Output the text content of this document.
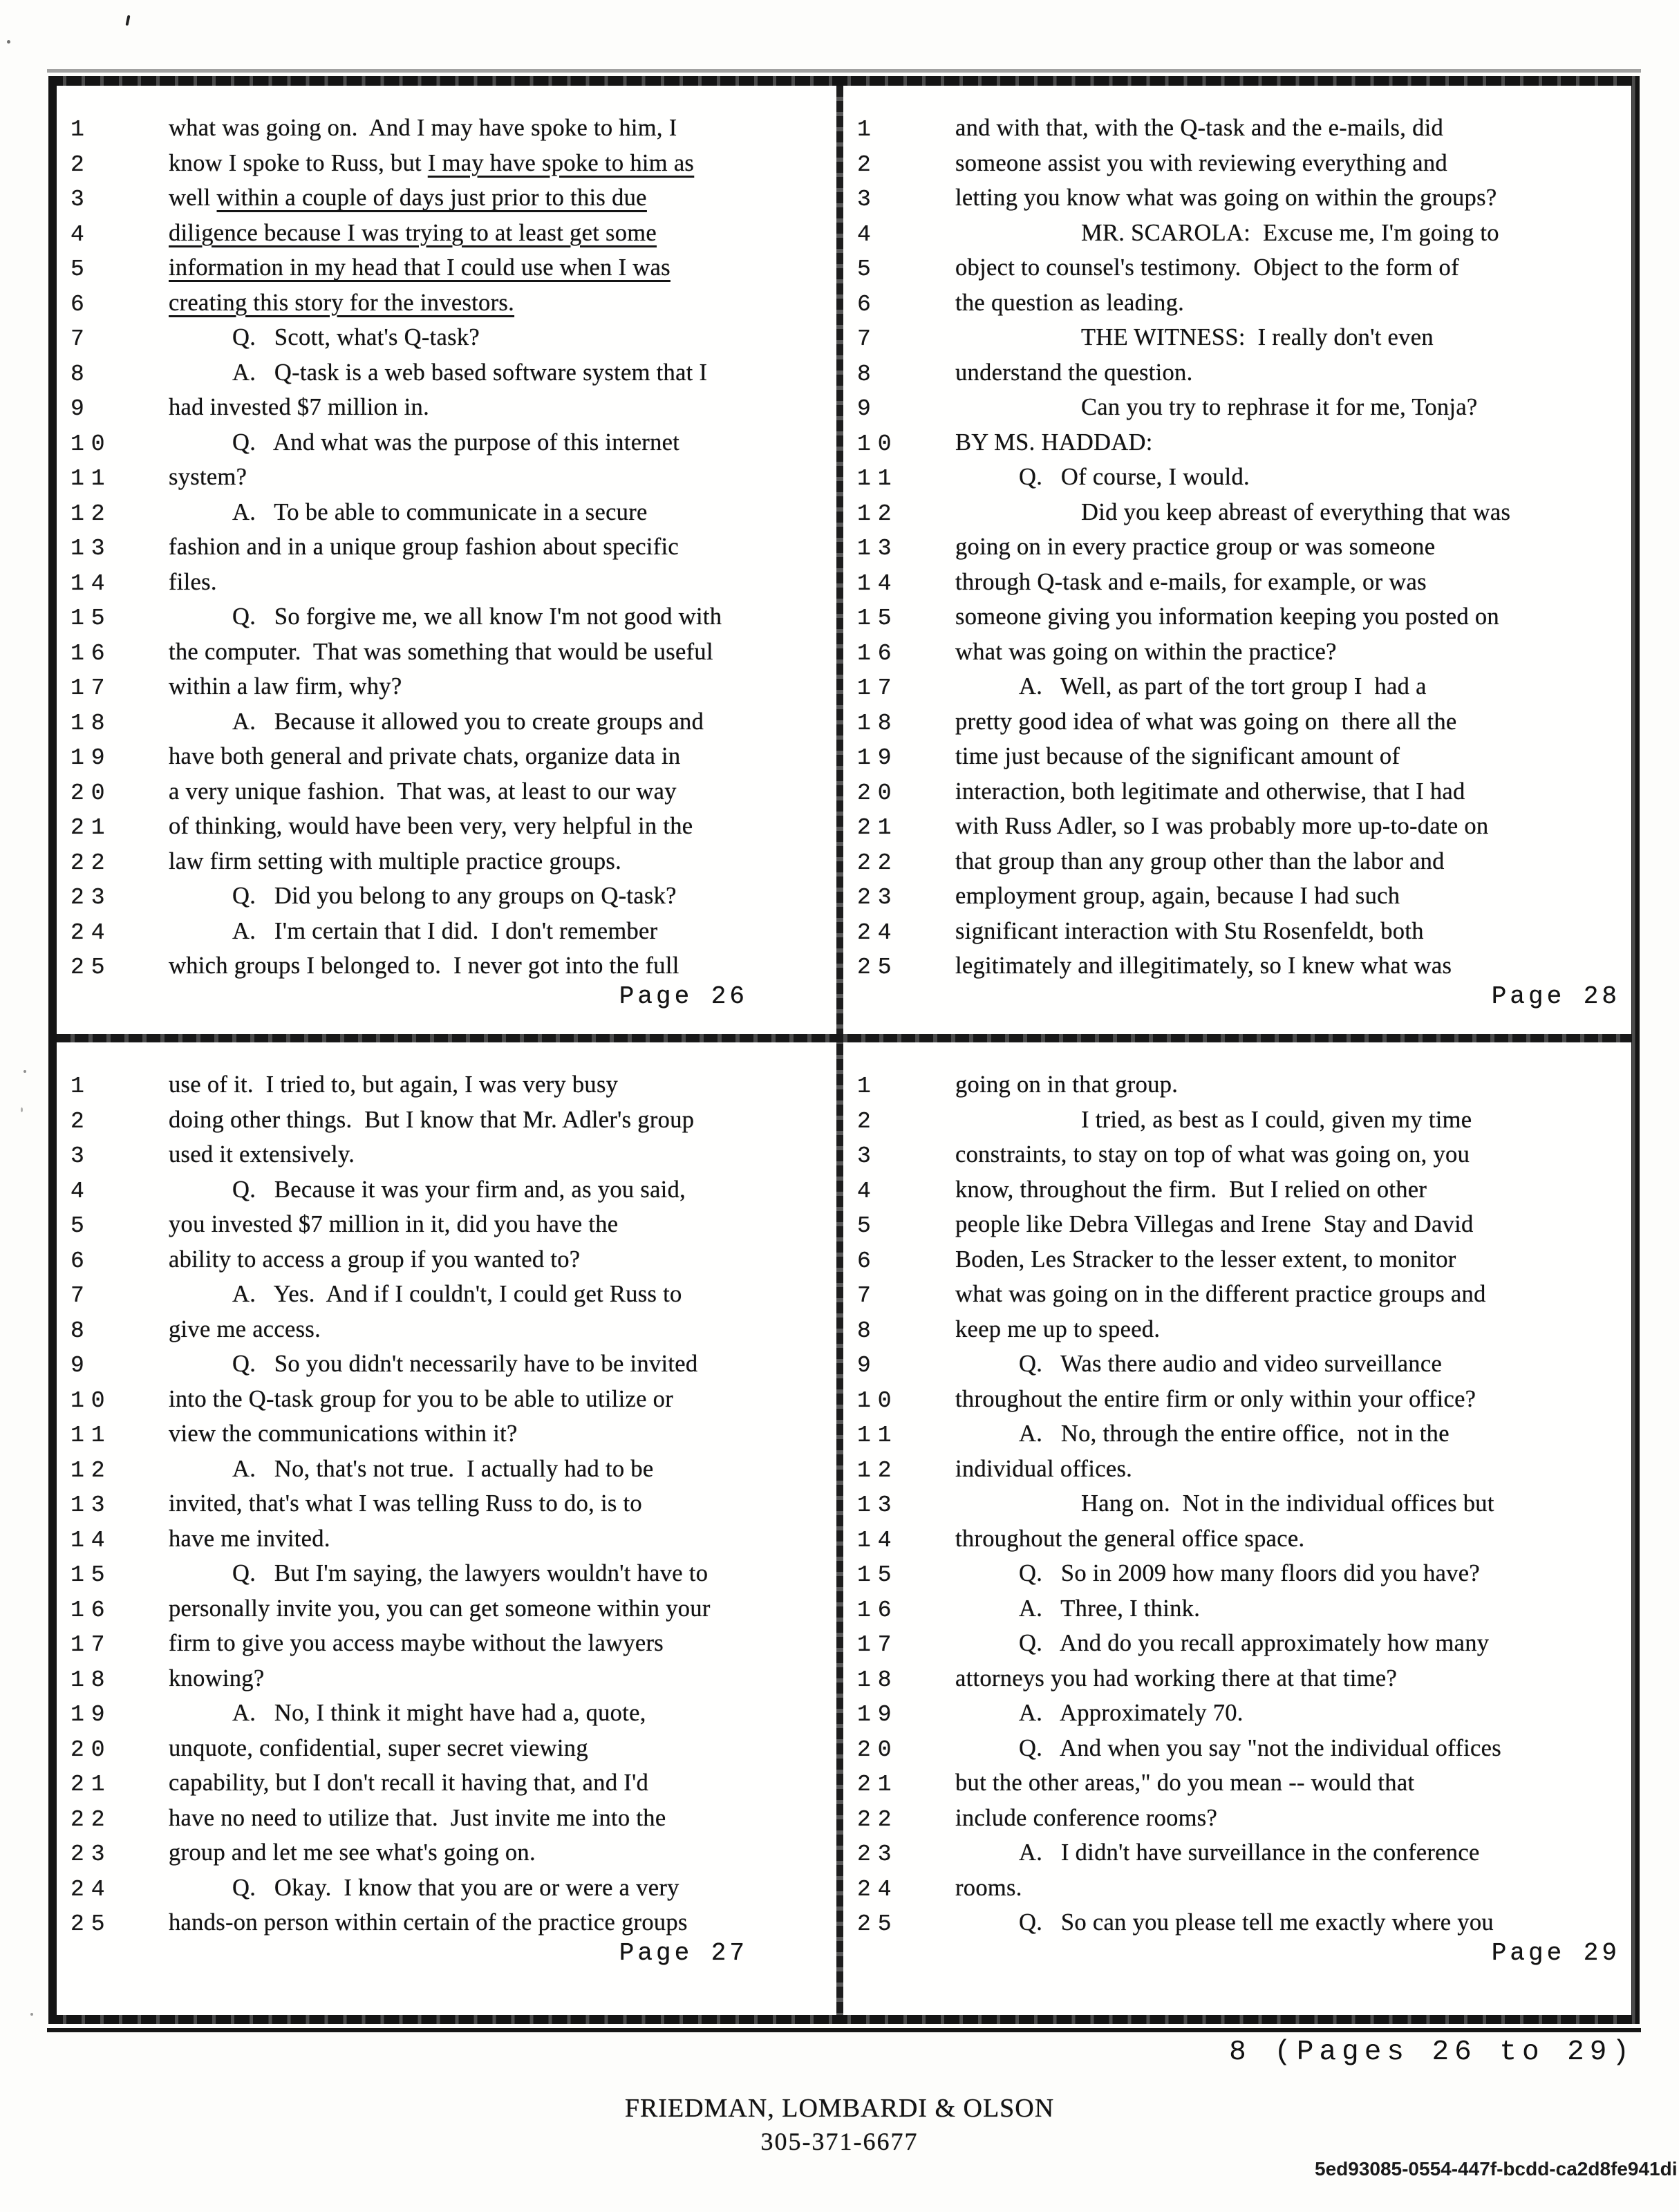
1	what was going on.  And I may have spoke to him, I
2	know I spoke to Russ, but I may have spoke to him as
3	well within a couple of days just prior to this due
4	diligence because I was trying to at least get some
5	information in my head that I could use when I was
6	creating this story for the investors.
7	Q.   Scott, what's Q-task?
8	A.   Q-task is a web based software system that I
9	had invested $7 million in.
10	Q.   And what was the purpose of this internet
11	system?
12	A.   To be able to communicate in a secure
13	fashion and in a unique group fashion about specific
14	files.
15	Q.   So forgive me, we all know I'm not good with
16	the computer.  That was something that would be useful
17	within a law firm, why?
18	A.   Because it allowed you to create groups and
19	have both general and private chats, organize data in
20	a very unique fashion.  That was, at least to our way
21	of thinking, would have been very, very helpful in the
22	law firm setting with multiple practice groups.
23	Q.   Did you belong to any groups on Q-task?
24	A.   I'm certain that I did.  I don't remember
25	which groups I belonged to.  I never got into the full
Page 26
1	and with that, with the Q-task and the e-mails, did
2	someone assist you with reviewing everything and
3	letting you know what was going on within the groups?
4	MR. SCAROLA:  Excuse me, I'm going to
5	object to counsel's testimony.  Object to the form of
6	the question as leading.
7	THE WITNESS:  I really don't even
8	understand the question.
9	Can you try to rephrase it for me, Tonja?
10	BY MS. HADDAD:
11	Q.   Of course, I would.
12	Did you keep abreast of everything that was
13	going on in every practice group or was someone
14	through Q-task and e-mails, for example, or was
15	someone giving you information keeping you posted on
16	what was going on within the practice?
17	A.   Well, as part of the tort group I  had a
18	pretty good idea of what was going on  there all the
19	time just because of the significant amount of
20	interaction, both legitimate and otherwise, that I had
21	with Russ Adler, so I was probably more up-to-date on
22	that group than any group other than the labor and
23	employment group, again, because I had such
24	significant interaction with Stu Rosenfeldt, both
25	legitimately and illegitimately, so I knew what was
Page 28
1	use of it.  I tried to, but again, I was very busy
2	doing other things.  But I know that Mr. Adler's group
3	used it extensively.
4	Q.   Because it was your firm and, as you said,
5	you invested $7 million in it, did you have the
6	ability to access a group if you wanted to?
7	A.   Yes.  And if I couldn't, I could get Russ to
8	give me access.
9	Q.   So you didn't necessarily have to be invited
10	into the Q-task group for you to be able to utilize or
11	view the communications within it?
12	A.   No, that's not true.  I actually had to be
13	invited, that's what I was telling Russ to do, is to
14	have me invited.
15	Q.   But I'm saying, the lawyers wouldn't have to
16	personally invite you, you can get someone within your
17	firm to give you access maybe without the lawyers
18	knowing?
19	A.   No, I think it might have had a, quote,
20	unquote, confidential, super secret viewing
21	capability, but I don't recall it having that, and I'd
22	have no need to utilize that.  Just invite me into the
23	group and let me see what's going on.
24	Q.   Okay.  I know that you are or were a very
25	hands-on person within certain of the practice groups
Page 27
1	going on in that group.
2	I tried, as best as I could, given my time
3	constraints, to stay on top of what was going on, you
4	know, throughout the firm.  But I relied on other
5	people like Debra Villegas and Irene  Stay and David
6	Boden, Les Stracker to the lesser extent, to monitor
7	what was going on in the different practice groups and
8	keep me up to speed.
9	Q.   Was there audio and video surveillance
10	throughout the entire firm or only within your office?
11	A.   No, through the entire office,  not in the
12	individual offices.
13	Hang on.  Not in the individual offices but
14	throughout the general office space.
15	Q.   So in 2009 how many floors did you have?
16	A.   Three, I think.
17	Q.   And do you recall approximately how many
18	attorneys you had working there at that time?
19	A.   Approximately 70.
20	Q.   And when you say "not the individual offices
21	but the other areas," do you mean -- would that
22	include conference rooms?
23	A.   I didn't have surveillance in the conference
24	rooms.
25	Q.   So can you please tell me exactly where you
Page 29
8 (Pages 26 to 29)
FRIEDMAN, LOMBARDI & OLSON
305-371-6677
5ed93085-0554-447f-bcdd-ca2d8fe941di
